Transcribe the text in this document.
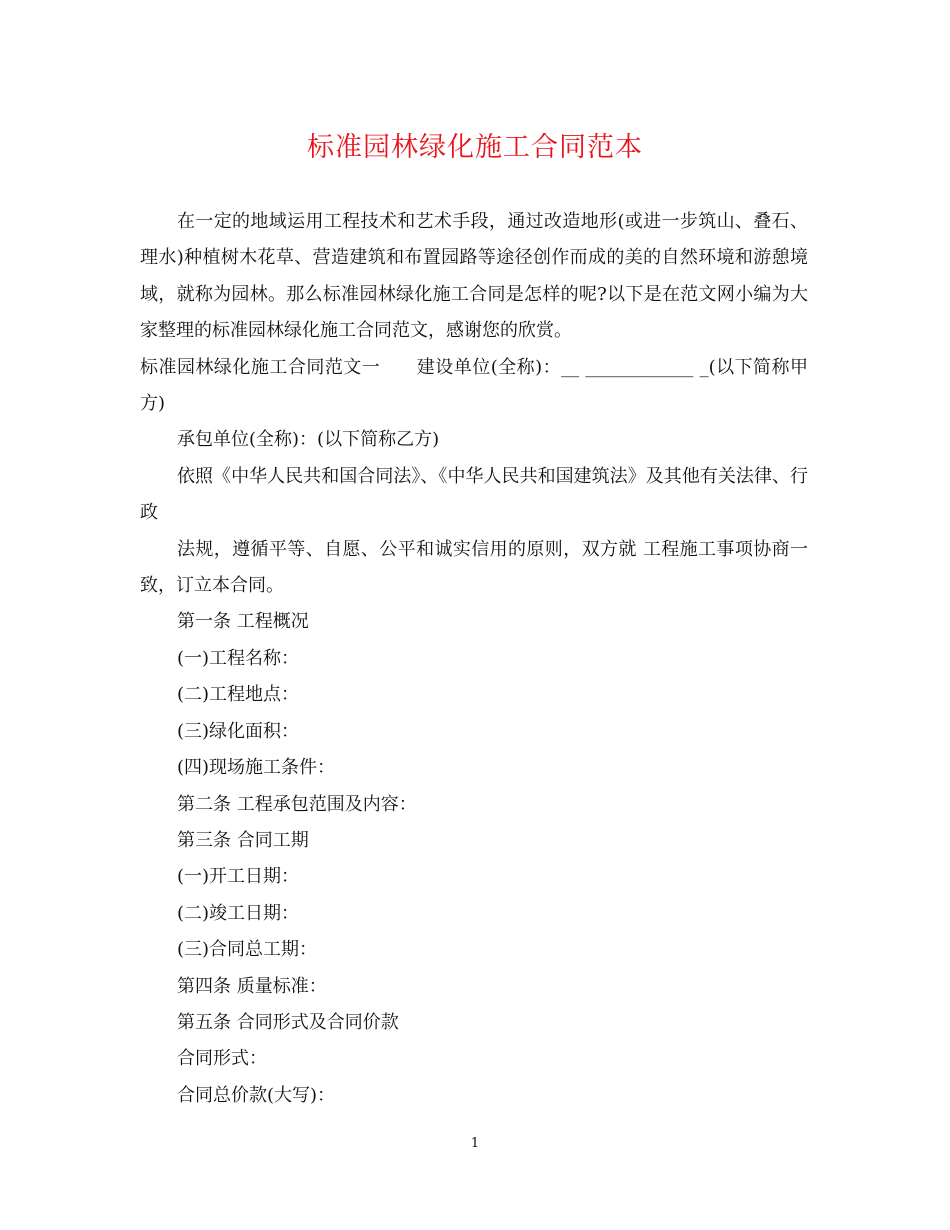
标准园林绿化施工合同范本

在一定的地域运用工程技术和艺术手段，通过改造地形(或进一步筑山、叠石、理水)种植树木花草、营造建筑和布置园路等途径创作而成的美的自然环境和游憩境域，就称为园林。那么标准园林绿化施工合同是怎样的呢?以下是在范文网小编为大家整理的标准园林绿化施工合同范文，感谢您的欣赏。

标准园林绿化施工合同范文一 建设单位(全称)：__ ____________ _(以下简称甲方)

承包单位(全称)：(以下简称乙方)

依照《中华人民共和国合同法》、《中华人民共和国建筑法》及其他有关法律、行政

法规，遵循平等、自愿、公平和诚实信用的原则，双方就 工程施工事项协商一致，订立本合同。

第一条 工程概况

(一)工程名称：

(二)工程地点：

(三)绿化面积：

(四)现场施工条件：

第二条 工程承包范围及内容：

第三条 合同工期

(一)开工日期：

(二)竣工日期：

(三)合同总工期：

第四条 质量标准：

第五条 合同形式及合同价款

合同形式：

合同总价款(大写)：

1
